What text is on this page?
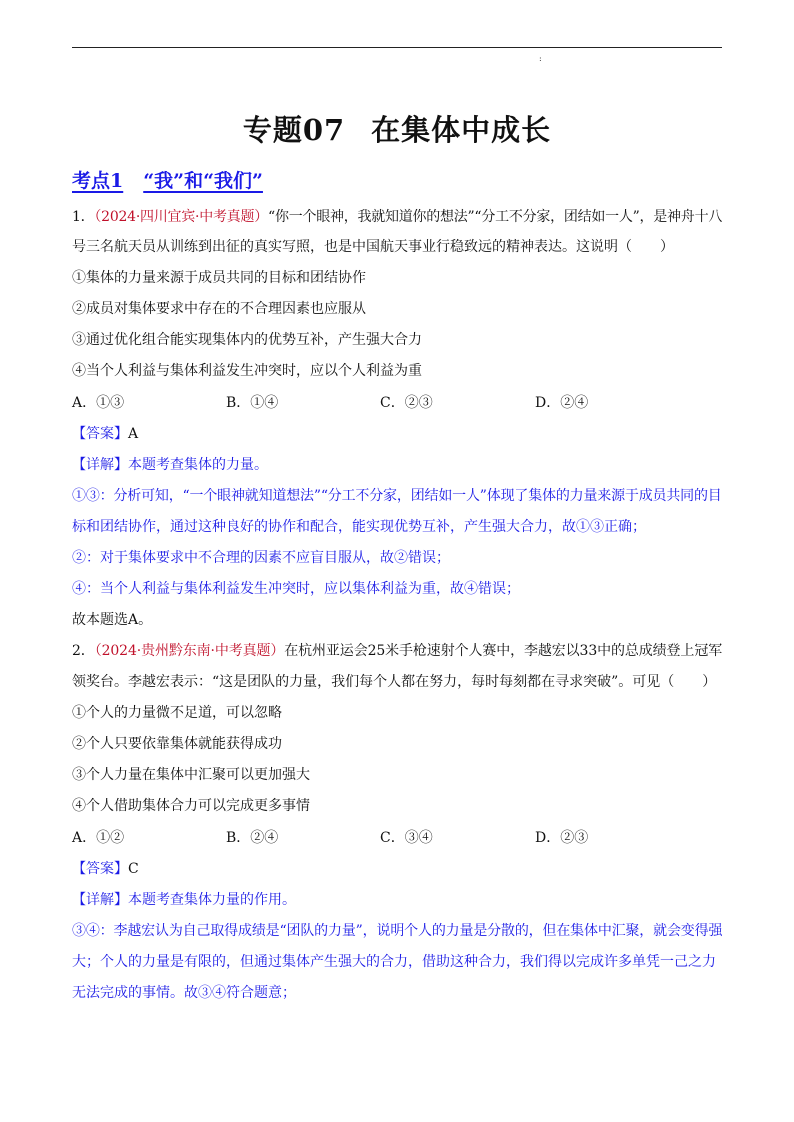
:
专题07 在集体中成长
考点1 “我”和“我们”
1．（2024·四川宜宾·中考真题）“你一个眼神，我就知道你的想法”“分工不分家，团结如一人”，是神舟十八
号三名航天员从训练到出征的真实写照，也是中国航天事业行稳致远的精神表达。这说明（　　）
①集体的力量来源于成员共同的目标和团结协作
②成员对集体要求中存在的不合理因素也应服从
③通过优化组合能实现集体内的优势互补，产生强大合力
④当个人利益与集体利益发生冲突时，应以个人利益为重
A．①③	B．①④	C．②③	D．②④
【答案】A
【详解】本题考查集体的力量。
①③：分析可知，“一个眼神就知道想法”“分工不分家，团结如一人”体现了集体的力量来源于成员共同的目
标和团结协作，通过这种良好的协作和配合，能实现优势互补，产生强大合力，故①③正确；
②：对于集体要求中不合理的因素不应盲目服从，故②错误；
④：当个人利益与集体利益发生冲突时，应以集体利益为重，故④错误；
故本题选A。
2．（2024·贵州黔东南·中考真题）在杭州亚运会25米手枪速射个人赛中，李越宏以33中的总成绩登上冠军
领奖台。李越宏表示：“这是团队的力量，我们每个人都在努力，每时每刻都在寻求突破”。可见（　　）
①个人的力量微不足道，可以忽略
②个人只要依靠集体就能获得成功
③个人力量在集体中汇聚可以更加强大
④个人借助集体合力可以完成更多事情
A．①②	B．②④	C．③④	D．②③
【答案】C
【详解】本题考查集体力量的作用。
③④：李越宏认为自己取得成绩是“团队的力量”，说明个人的力量是分散的，但在集体中汇聚，就会变得强
大；个人的力量是有限的，但通过集体产生强大的合力，借助这种合力，我们得以完成许多单凭一己之力
无法完成的事情。故③④符合题意；
